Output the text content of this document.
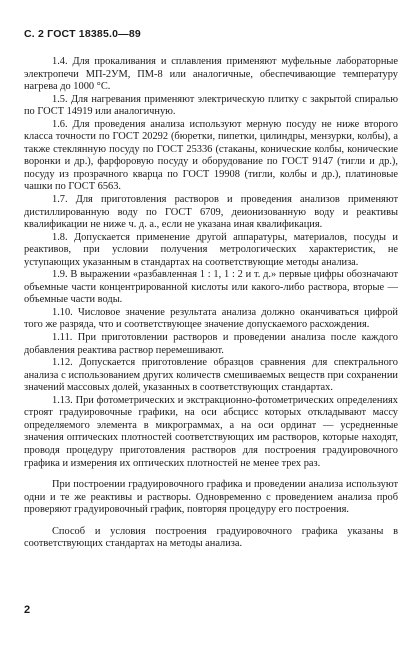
С. 2 ГОСТ 18385.0—89

1.4. Для прокаливания и сплавления применяют муфельные лабораторные электропечи МП-2УМ, ПМ-8 или аналогичные, обеспечивающие температуру нагрева до 1000 °С.

1.5. Для нагревания применяют электрическую плитку с закрытой спиралью по ГОСТ 14919 или аналогичную.

1.6. Для проведения анализа используют мерную посуду не ниже второго класса точности по ГОСТ 20292 (бюретки, пипетки, цилиндры, мензурки, колбы), а также стеклянную посуду по ГОСТ 25336 (стаканы, конические колбы, конические воронки и др.), фарфоровую посуду и оборудование по ГОСТ 9147 (тигли и др.), посуду из прозрачного кварца по ГОСТ 19908 (тигли, колбы и др.), платиновые чашки по ГОСТ 6563.

1.7. Для приготовления растворов и проведения анализов применяют дистиллированную воду по ГОСТ 6709, деионизованную воду и реактивы квалификации не ниже ч. д. а., если не указана иная квалификация.

1.8. Допускается применение другой аппаратуры, материалов, посуды и реактивов, при условии получения метрологических характеристик, не уступающих указанным в стандартах на соответствующие методы анализа.

1.9. В выражении «разбавленная 1 : 1, 1 : 2 и т. д.» первые цифры обозначают объемные части концентрированной кислоты или какого-либо раствора, вторые — объемные части воды.

1.10. Числовое значение результата анализа должно оканчиваться цифрой того же разряда, что и соответствующее значение допускаемого расхождения.

1.11. При приготовлении растворов и проведении анализа после каждого добавления реактива раствор перемешивают.

1.12. Допускается приготовление образцов сравнения для спектрального анализа с использованием других количеств смешиваемых веществ при сохранении значений массовых долей, указанных в соответствующих стандартах.

1.13. При фотометрических и экстракционно-фотометрических определениях строят градуировочные графики, на оси абсцисс которых откладывают массу определяемого элемента в микрограммах, а на оси ординат — усредненные значения оптических плотностей соответствующих им растворов, которые находят, проводя процедуру приготовления растворов для построения градуировочного графика и измерения их оптических плотностей не менее трех раз.

При построении градуировочного графика и проведении анализа используют одни и те же реактивы и растворы. Одновременно с проведением анализа проб проверяют градуировочный график, повторяя процедуру его построения.

Способ и условия построения градуировочного графика указаны в соответствующих стандартах на методы анализа.

2
